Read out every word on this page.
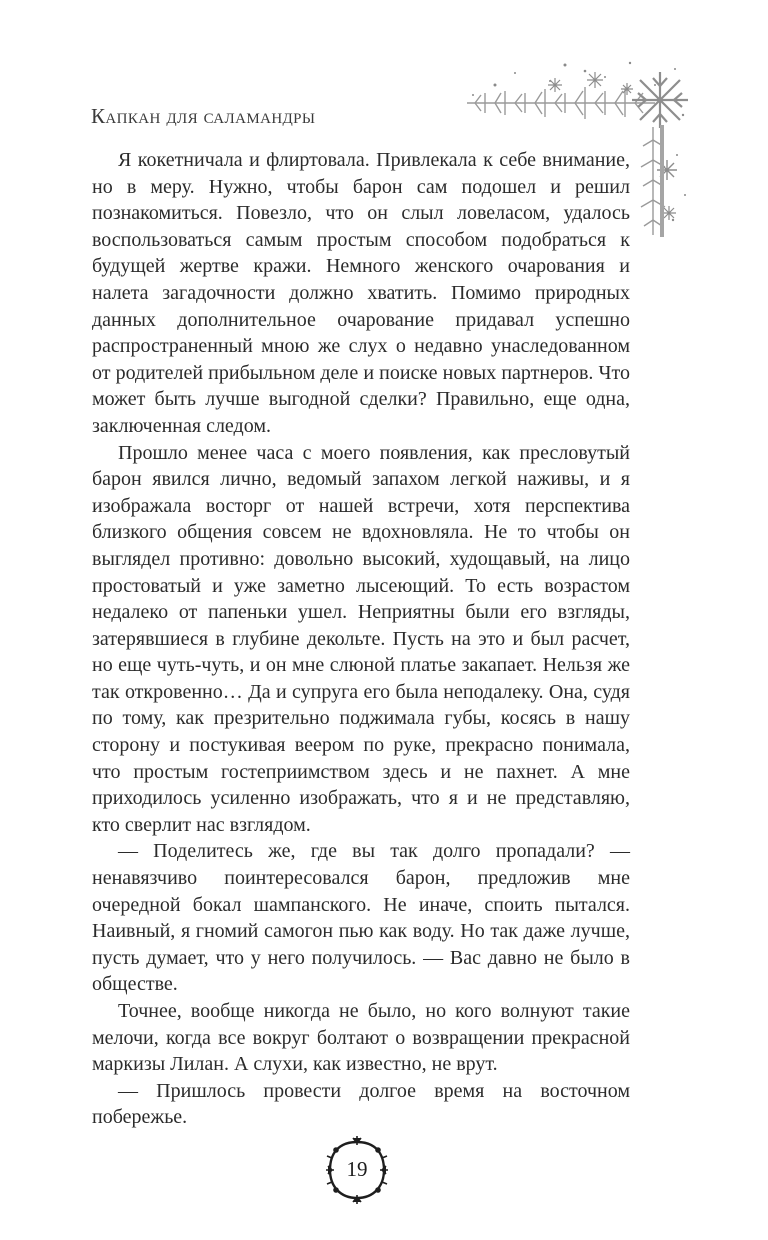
Капкан для саламандры

Я кокетничала и флиртовала. Привлекала к себе внимание, но в меру. Нужно, чтобы барон сам подошел и решил познакомиться. Повезло, что он слыл ловеласом, удалось воспользоваться самым простым способом подобраться к будущей жертве кражи. Немного женского очарования и налета загадочности должно хватить. Помимо природных данных дополнительное очарование придавал успешно распространенный мною же слух о недавно унаследованном от родителей прибыльном деле и поиске новых партнеров. Что может быть лучше выгодной сделки? Правильно, еще одна, заключенная следом.

Прошло менее часа с моего появления, как пресловутый барон явился лично, ведомый запахом легкой наживы, и я изображала восторг от нашей встречи, хотя перспектива близкого общения совсем не вдохновляла. Не то чтобы он выглядел противно: довольно высокий, худощавый, на лицо простоватый и уже заметно лысеющий. То есть возрастом недалеко от папеньки ушел. Неприятны были его взгляды, затерявшиеся в глубине декольте. Пусть на это и был расчет, но еще чуть-чуть, и он мне слюной платье закапает. Нельзя же так откровенно… Да и супруга его была неподалеку. Она, судя по тому, как презрительно поджимала губы, косясь в нашу сторону и постукивая веером по руке, прекрасно понимала, что простым гостеприимством здесь и не пахнет. А мне приходилось усиленно изображать, что я и не представляю, кто сверлит нас взглядом.

— Поделитесь же, где вы так долго пропадали? — ненавязчиво поинтересовался барон, предложив мне очередной бокал шампанского. Не иначе, споить пытался. Наивный, я гномий самогон пью как воду. Но так даже лучше, пусть думает, что у него получилось. — Вас давно не было в обществе.

Точнее, вообще никогда не было, но кого волнуют такие мелочи, когда все вокруг болтают о возвращении прекрасной маркизы Лилан. А слухи, как известно, не врут.

— Пришлось провести долгое время на восточном побережье.

19
